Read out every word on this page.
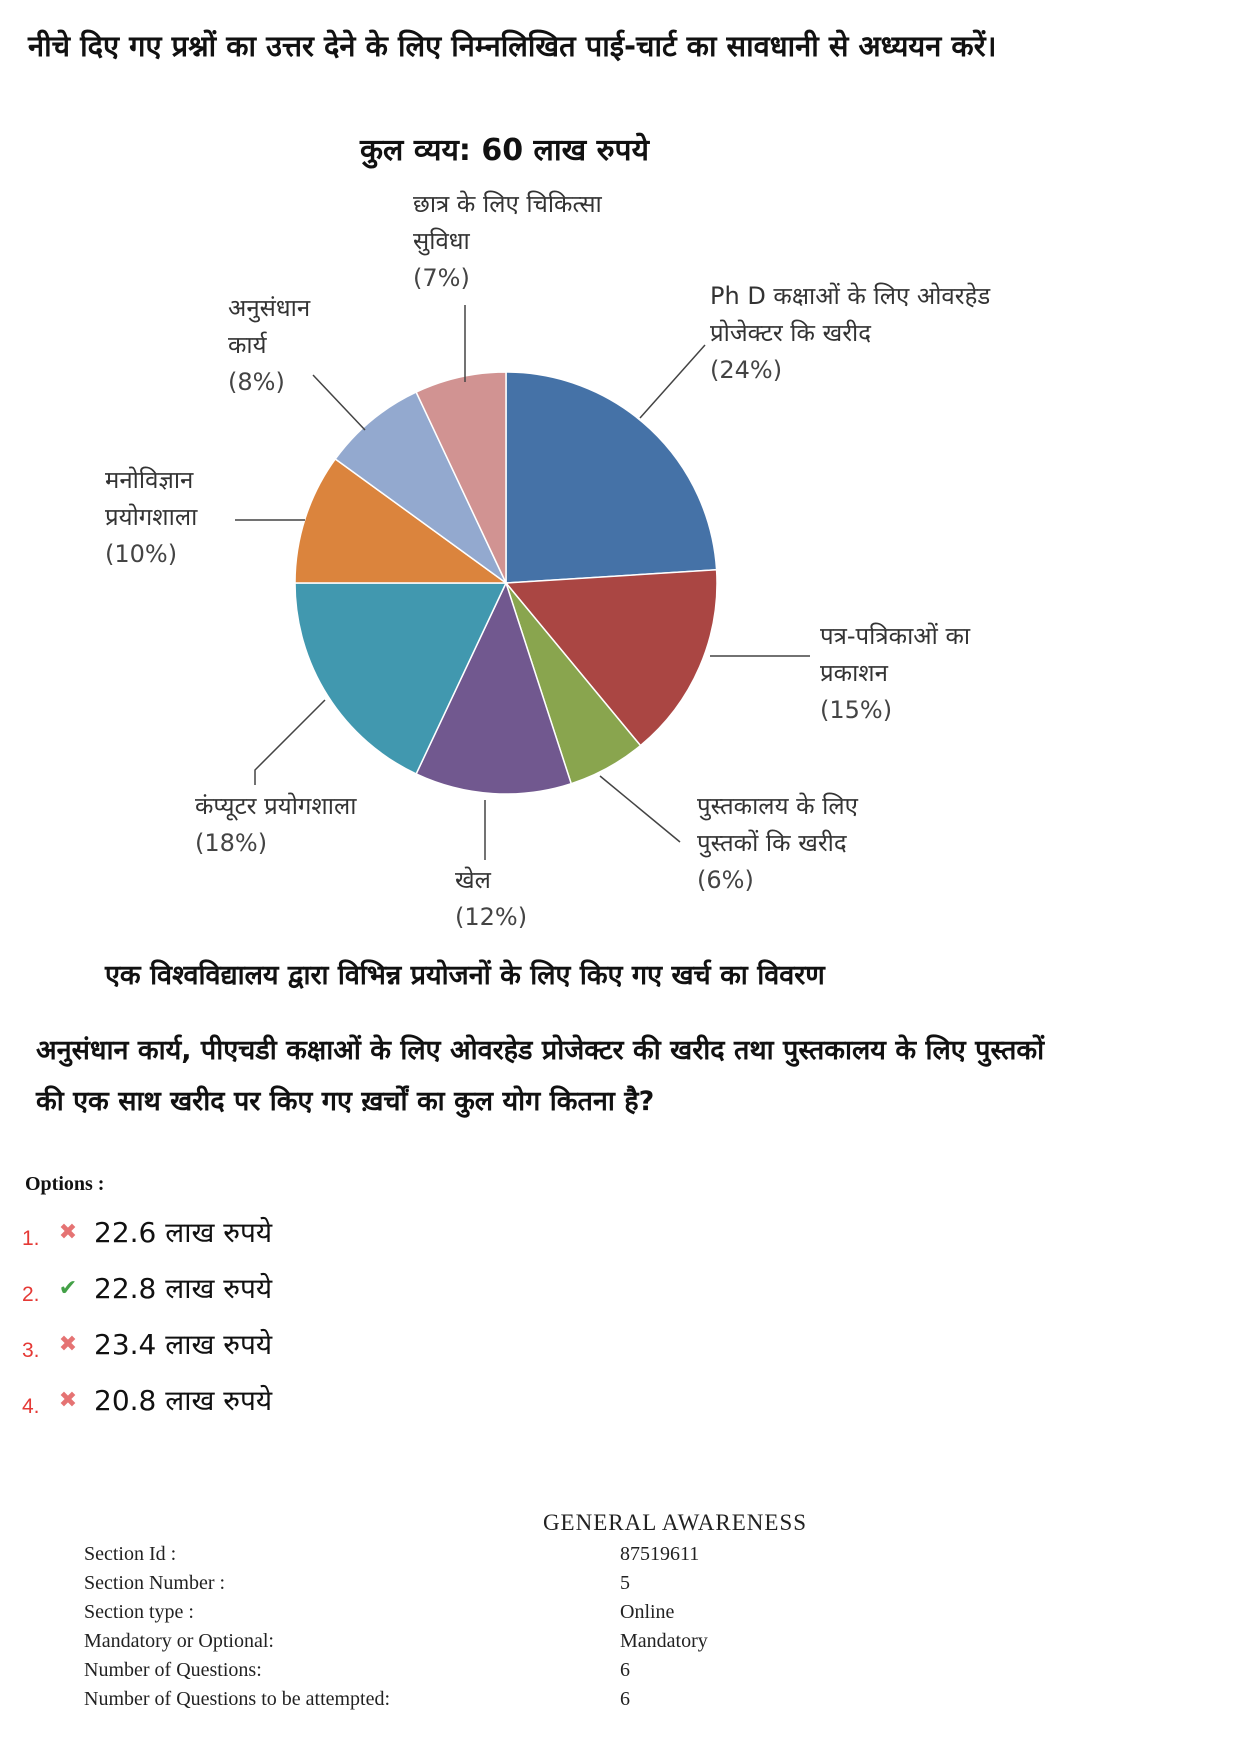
नीचे दिए गए प्रश्नों का उत्तर देने के लिए निम्नलिखित पाई-चार्ट का सावधानी से अध्ययन करें।
कुल व्यय: 60 लाख रुपये
Ph D कक्षाओं के लिए ओवरहेड प्रोजेक्टर कि खरीद
(24%)
पत्र-पत्रिकाओं का प्रकाशन
(15%)
पुस्तकालय के लिए पुस्तकों कि खरीद
(6%)
खेल
(12%)
कंप्यूटर प्रयोगशाला
(18%)
मनोविज्ञान प्रयोगशाला
(10%)
अनुसंधान कार्य
(8%)
छात्र के लिए चिकित्सा सुविधा
(7%)
एक विश्वविद्यालय द्वारा विभिन्न प्रयोजनों के लिए किए गए खर्च का विवरण
अनुसंधान कार्य, पीएचडी कक्षाओं के लिए ओवरहेड प्रोजेक्टर की खरीद तथा पुस्तकालय के लिए पुस्तकों की एक साथ खरीद पर किए गए ख़र्चों का कुल योग कितना है?
Options :
1. ✖ 22.6 लाख रुपये
2. ✔ 22.8 लाख रुपये
3. ✖ 23.4 लाख रुपये
4. ✖ 20.8 लाख रुपये
GENERAL AWARENESS
Section Id :	87519611
Section Number :	5
Section type :	Online
Mandatory or Optional:	Mandatory
Number of Questions:	6
Number of Questions to be attempted:	6
